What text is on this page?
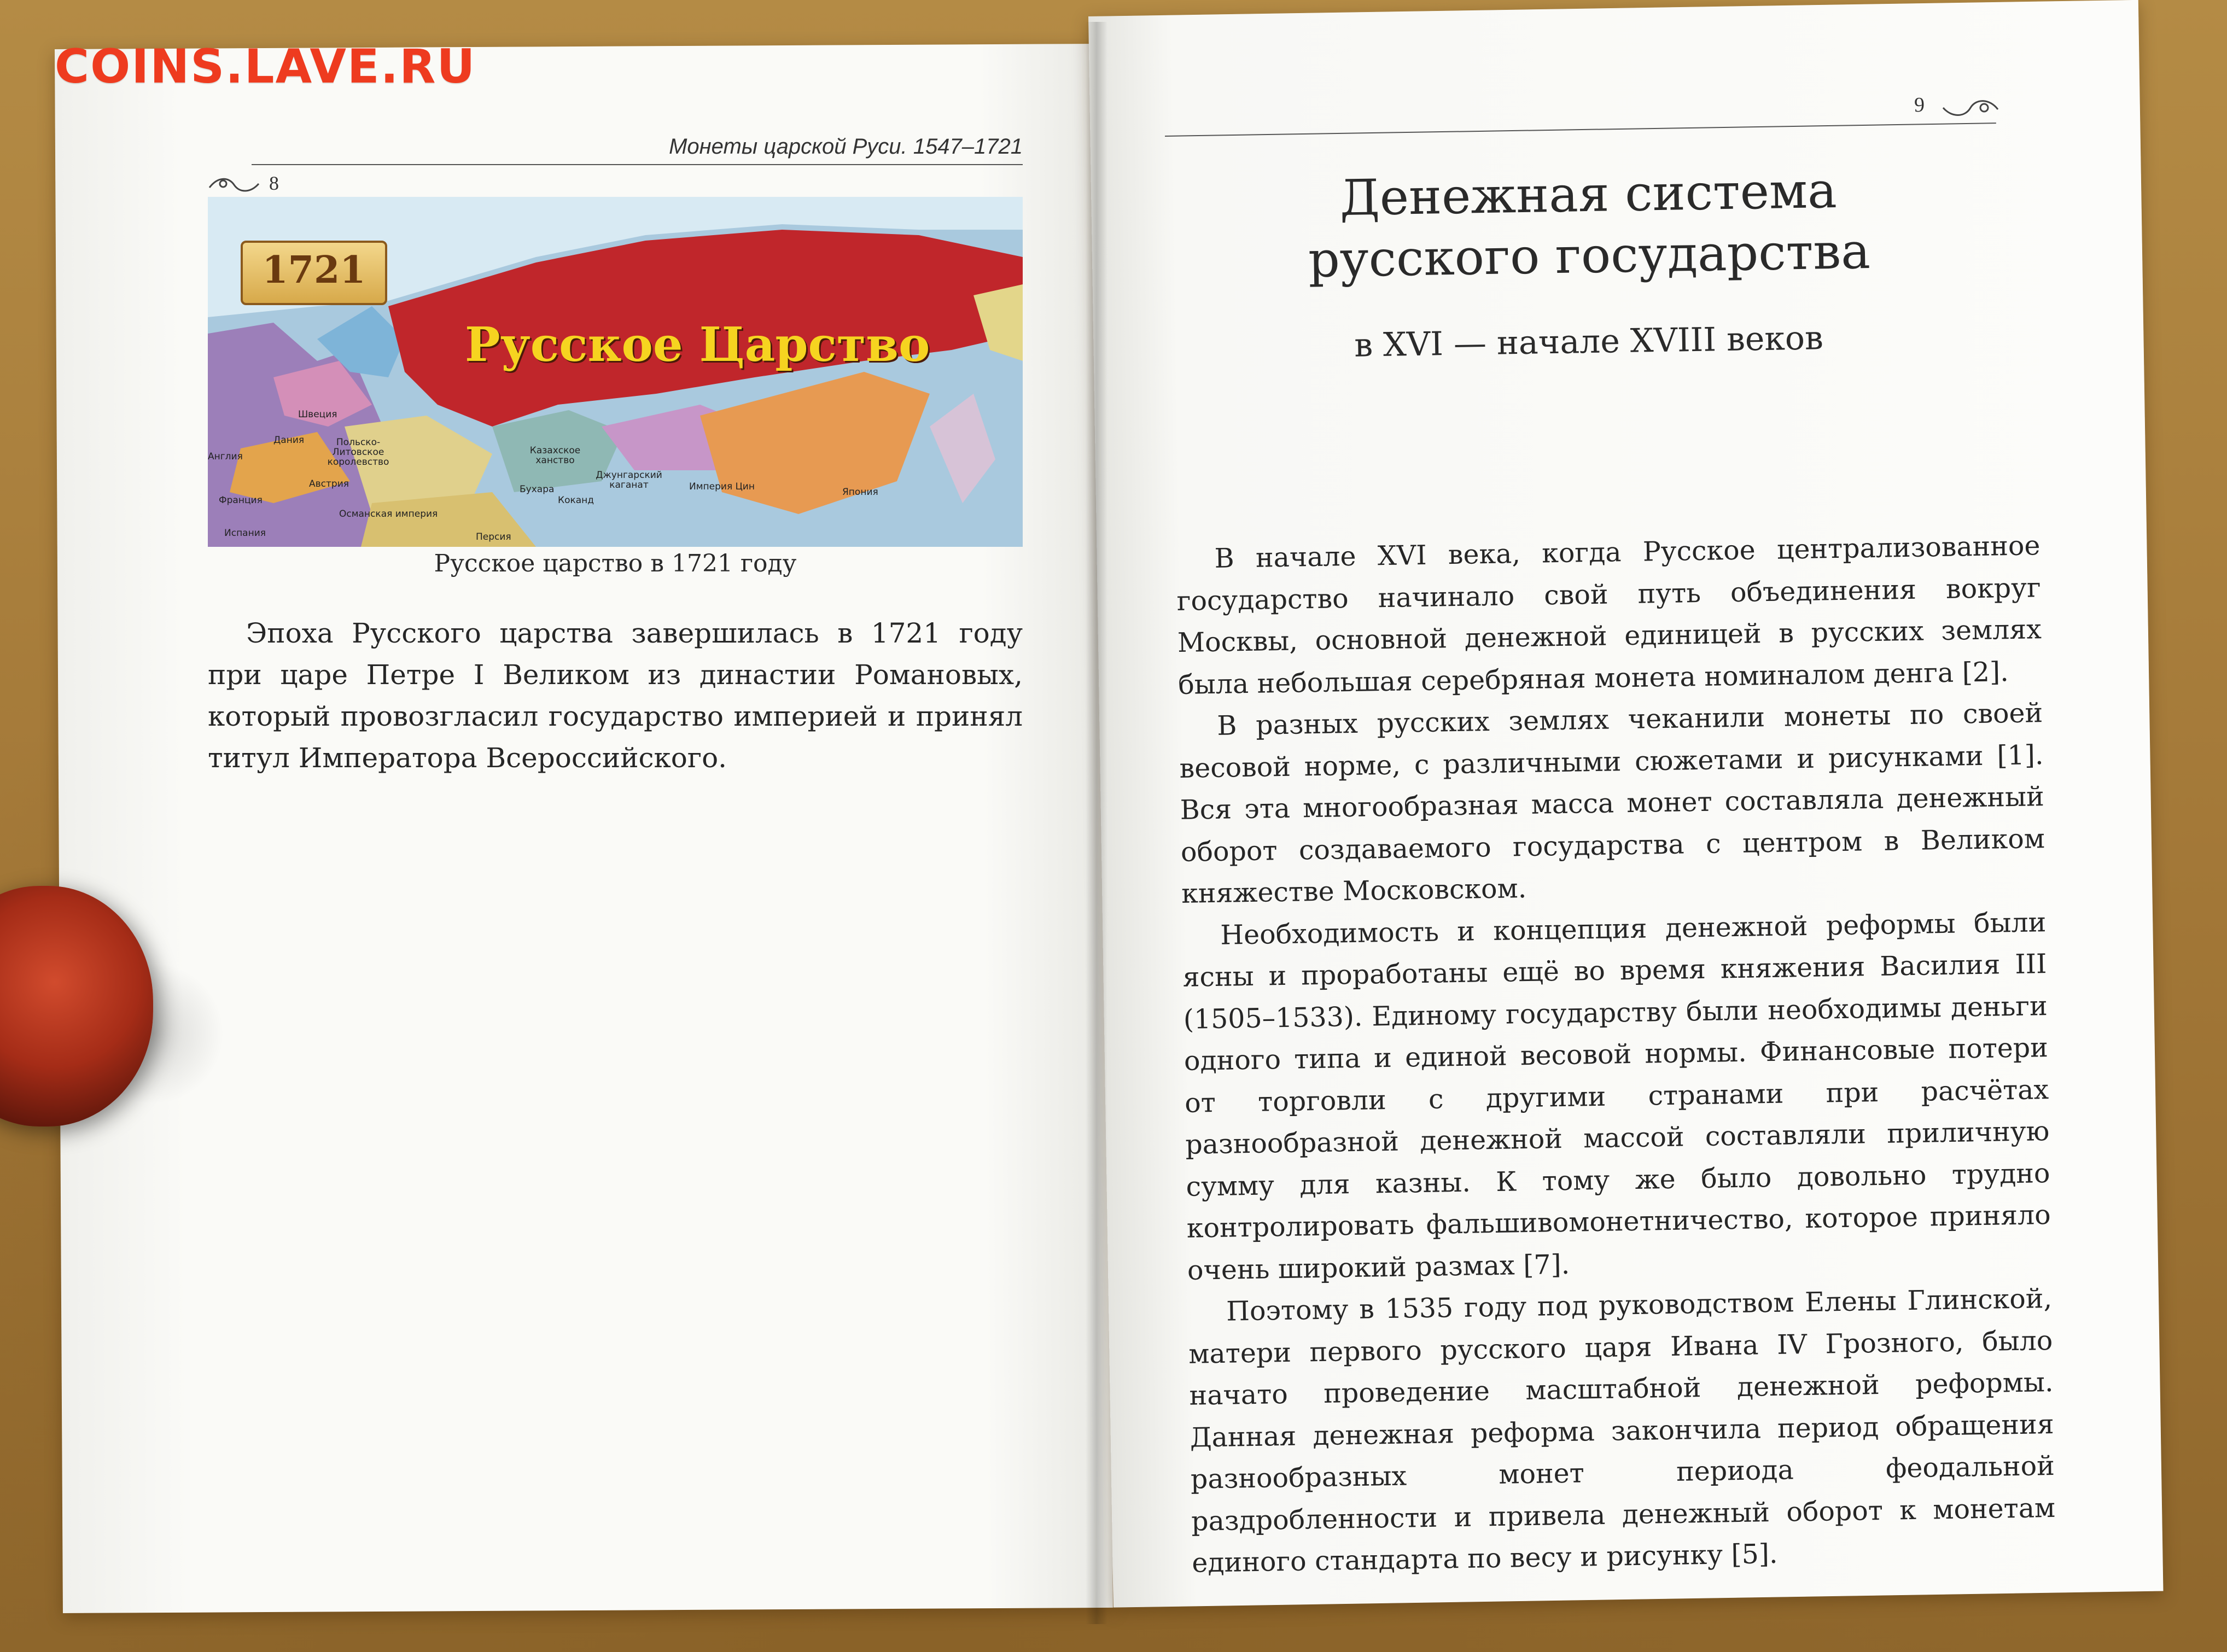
COINS.LAVE.RU
Монеты царской Руси. 1547–1721
8
1721
Русское Царство
Швеция
Дания	Польско-Литовское королевство
Англия
Франция
Австрия
Испания
Османская империя
Персия
Казахское ханство
Бухара
Коканд
Джунгарский каганат	Империя Цин	Япония
Русское царство в 1721 году

Эпоха Русского царства завершилась в 1721 году при царе Петре I Великом из династии Романовых, который провозгласил государство империей и принял титул Императора Всероссийского.

9
Денежная система
русского государства
в XVI — начале XVIII веков

В начале XVI века, когда Русское централизованное государство начинало свой путь объединения вокруг Москвы, основной денежной единицей в русских землях была небольшая серебряная монета номиналом денга [2].

В разных русских землях чеканили монеты по своей весовой норме, с различными сюжетами и рисунками [1]. Вся эта многообразная масса монет составляла денежный оборот создаваемого государства с центром в Великом княжестве Московском.

Необходимость и концепция денежной реформы были ясны и проработаны ещё во время княжения Василия III (1505–1533). Единому государству были необходимы деньги одного типа и единой весовой нормы. Финансовые потери от торговли с другими странами при расчётах разнообразной денежной массой составляли приличную сумму для казны. К тому же было довольно трудно контролировать фальшивомонетничество, которое приняло очень широкий размах [7].

Поэтому в 1535 году под руководством Елены Глинской, матери первого русского царя Ивана IV Грозного, было начато проведение масштабной денежной реформы. Данная денежная реформа закончила период обращения разнообразных монет периода феодальной раздробленности и привела денежный оборот к монетам единого стандарта по весу и рисунку [5].
